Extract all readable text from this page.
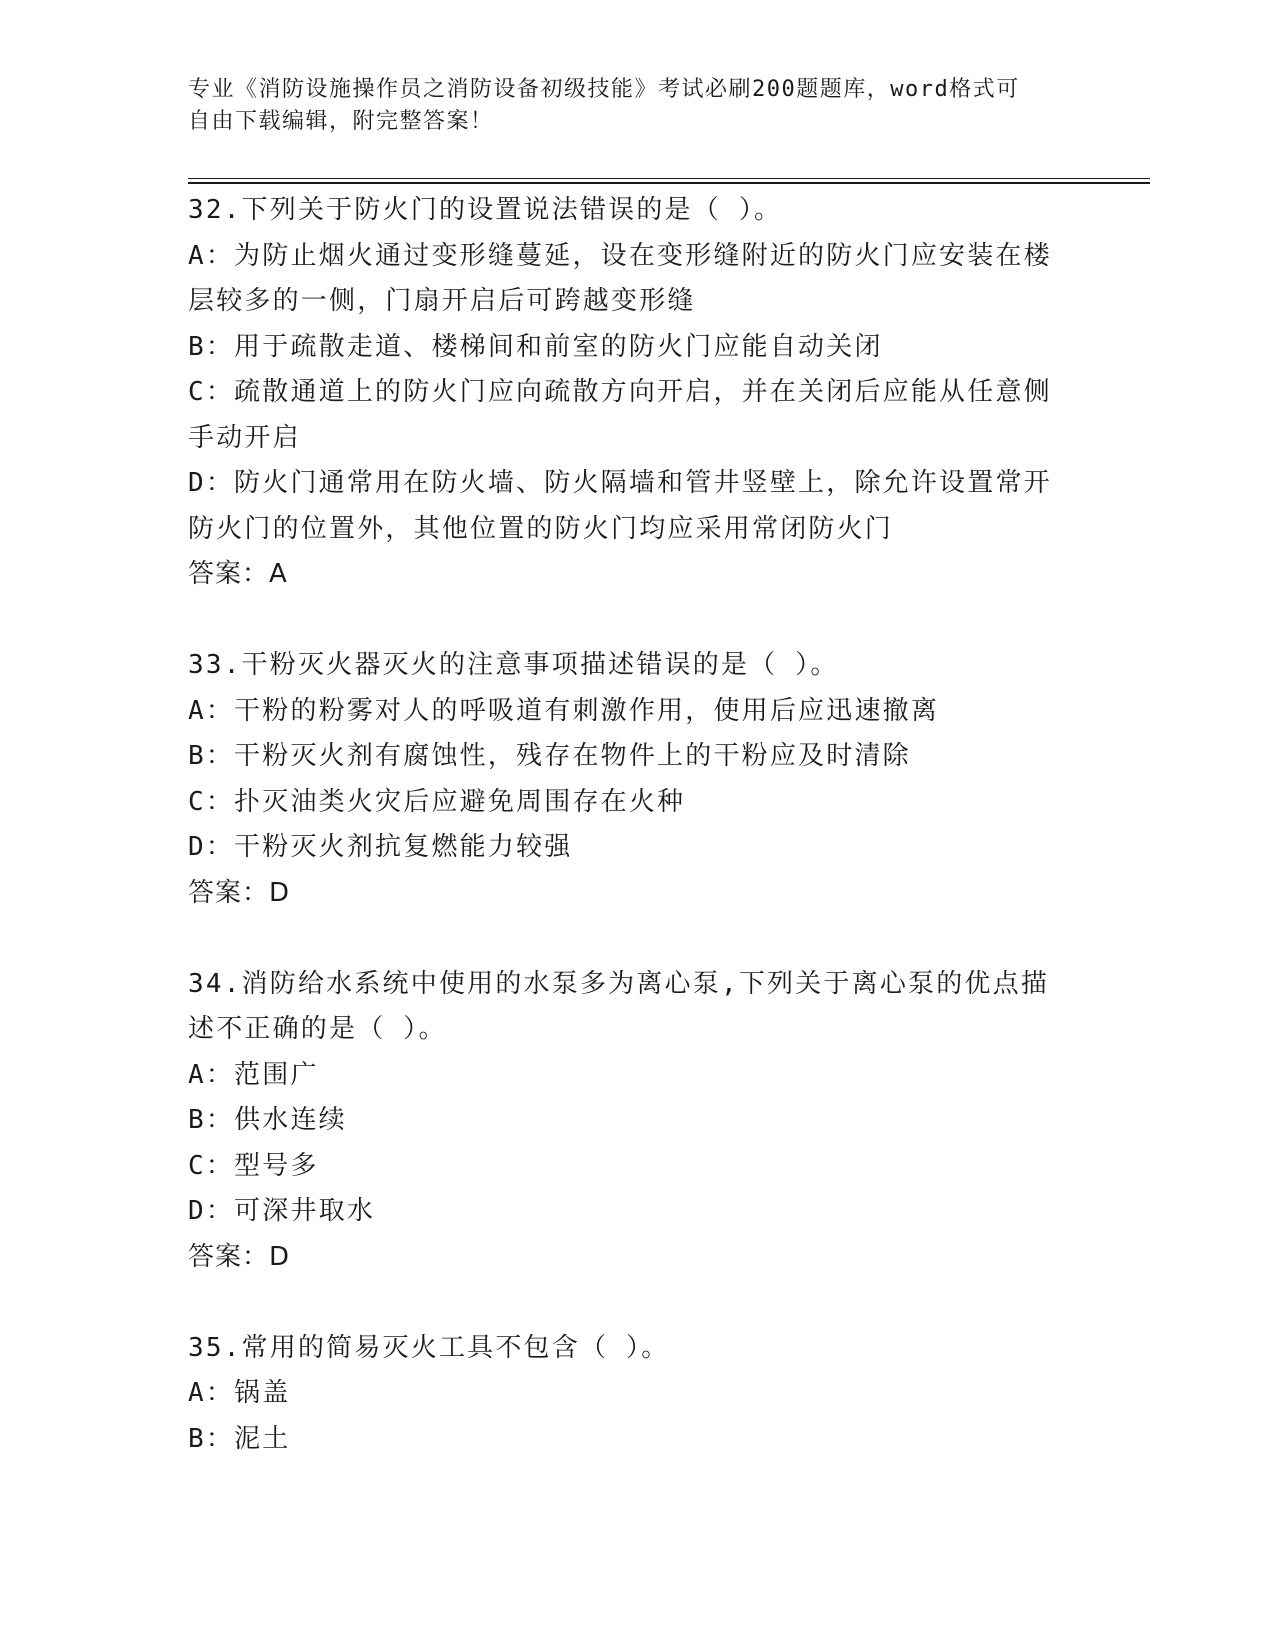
专业《消防设施操作员之消防设备初级技能》考试必刷200题题库，word格式可
自由下载编辑，附完整答案！
32.下列关于防火门的设置说法错误的是（ ）。
A：为防止烟火通过变形缝蔓延，设在变形缝附近的防火门应安装在楼
层较多的一侧，门扇开启后可跨越变形缝
B：用于疏散走道、楼梯间和前室的防火门应能自动关闭
C：疏散通道上的防火门应向疏散方向开启，并在关闭后应能从任意侧
手动开启
D：防火门通常用在防火墙、防火隔墙和管井竖壁上，除允许设置常开
防火门的位置外，其他位置的防火门均应采用常闭防火门
答案：A
33.干粉灭火器灭火的注意事项描述错误的是（ ）。
A：干粉的粉雾对人的呼吸道有刺激作用，使用后应迅速撤离
B：干粉灭火剂有腐蚀性，残存在物件上的干粉应及时清除
C：扑灭油类火灾后应避免周围存在火种
D：干粉灭火剂抗复燃能力较强
答案：D
34.消防给水系统中使用的水泵多为离心泵,下列关于离心泵的优点描
述不正确的是（ ）。
A：范围广
B：供水连续
C：型号多
D：可深井取水
答案：D
35.常用的简易灭火工具不包含（ ）。
A：锅盖
B：泥土
